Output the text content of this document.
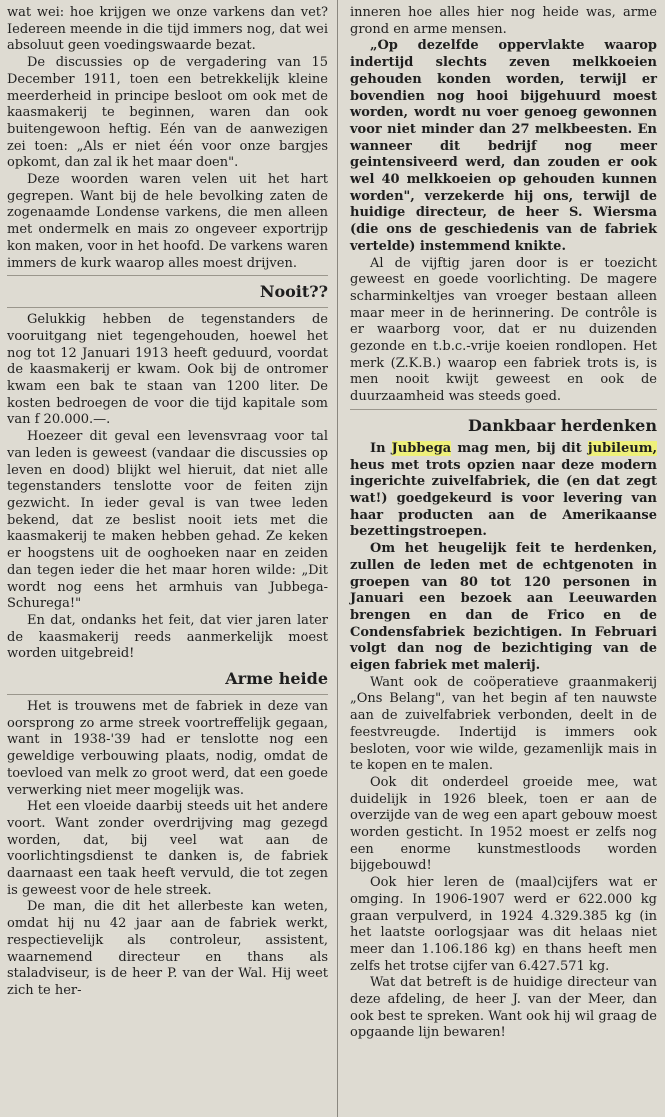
wat wei: hoe krijgen we onze varkens dan vet? Iedereen meende in die tijd immers nog, dat wei absoluut geen voedingswaarde bezat.

De discussies op de vergadering van 15 December 1911, toen een betrekkelijk kleine meerderheid in principe besloot om ook met de kaasmakerij te beginnen, waren dan ook buitengewoon heftig. Eén van de aanwezigen zei toen: „Als er niet één voor onze bargjes opkomt, dan zal ik het maar doen".

Deze woorden waren velen uit het hart gegrepen. Want bij de hele bevolking zaten de zogenaamde Londense varkens, die men alleen met ondermelk en mais zo ongeveer exportrijp kon maken, voor in het hoofd. De varkens waren immers de kurk waarop alles moest drijven.

Nooit??

Gelukkig hebben de tegenstanders de vooruitgang niet tegengehouden, hoewel het nog tot 12 Januari 1913 heeft geduurd, voordat de kaasmakerij er kwam. Ook bij de ontromer kwam een bak te staan van 1200 liter. De kosten bedroegen de voor die tijd kapitale som van f 20.000.—.

Hoezeer dit geval een levensvraag voor tal van leden is geweest (vandaar die discussies op leven en dood) blijkt wel hieruit, dat niet alle tegenstanders tenslotte voor de feiten zijn gezwicht. In ieder geval is van twee leden bekend, dat ze beslist nooit iets met die kaasmakerij te maken hebben gehad. Ze keken er hoogstens uit de ooghoeken naar en zeiden dan tegen ieder die het maar horen wilde: „Dit wordt nog eens het armhuis van Jubbega-Schurega!"

En dat, ondanks het feit, dat vier jaren later de kaasmakerij reeds aanmerkelijk moest worden uitgebreid!

Arme heide

Het is trouwens met de fabriek in deze van oorsprong zo arme streek voortreffelijk gegaan, want in 1938-'39 had er tenslotte nog een geweldige verbouwing plaats, nodig, omdat de toevloed van melk zo groot werd, dat een goede verwerking niet meer mogelijk was.

Het een vloeide daarbij steeds uit het andere voort. Want zonder overdrijving mag gezegd worden, dat, bij veel wat aan de voorlichtingsdienst te danken is, de fabriek daarnaast een taak heeft vervuld, die tot zegen is geweest voor de hele streek.

De man, die dit het allerbeste kan weten, omdat hij nu 42 jaar aan de fabriek werkt, respectievelijk als controleur, assistent, waarnemend directeur en thans als staladviseur, is de heer P. van der Wal. Hij weet zich te her-

inneren hoe alles hier nog heide was, arme grond en arme mensen.

„Op dezelfde oppervlakte waarop indertijd slechts zeven melkkoeien gehouden konden worden, terwijl er bovendien nog hooi bijgehuurd moest worden, wordt nu voer genoeg gewonnen voor niet minder dan 27 melkbeesten. En wanneer dit bedrijf nog meer geintensiveerd werd, dan zouden er ook wel 40 melkkoeien op gehouden kunnen worden", verzekerde hij ons, terwijl de huidige directeur, de heer S. Wiersma (die ons de geschiedenis van de fabriek vertelde) instemmend knikte.

Al de vijftig jaren door is er toezicht geweest en goede voorlichting. De magere scharminkeltjes van vroeger bestaan alleen maar meer in de herinnering. De contrôle is er waarborg voor, dat er nu duizenden gezonde en t.b.c.-vrije koeien rondlopen. Het merk (Z.K.B.) waarop een fabriek trots is, is men nooit kwijt geweest en ook de duurzaamheid was steeds goed.

Dankbaar herdenken

In Jubbega mag men, bij dit jubileum, heus met trots opzien naar deze modern ingerichte zuivelfabriek, die (en dat zegt wat!) goedgekeurd is voor levering van haar producten aan de Amerikaanse bezettingstroepen.

Om het heugelijk feit te herdenken, zullen de leden met de echtgenoten in groepen van 80 tot 120 personen in Januari een bezoek aan Leeuwarden brengen en dan de Frico en de Condensfabriek bezichtigen. In Februari volgt dan nog de bezichtiging van de eigen fabriek met malerij.

Want ook de coöperatieve graanmakerij „Ons Belang", van het begin af ten nauwste aan de zuivelfabriek verbonden, deelt in de feestvreugde. Indertijd is immers ook besloten, voor wie wilde, gezamenlijk mais in te kopen en te malen.

Ook dit onderdeel groeide mee, wat duidelijk in 1926 bleek, toen er aan de overzijde van de weg een apart gebouw moest worden gesticht. In 1952 moest er zelfs nog een enorme kunstmestloods worden bijgebouwd!

Ook hier leren de (maal)cijfers wat er omging. In 1906-1907 werd er 622.000 kg graan verpulverd, in 1924 4.329.385 kg (in het laatste oorlogsjaar was dit helaas niet meer dan 1.106.186 kg) en thans heeft men zelfs het trotse cijfer van 6.427.571 kg.

Wat dat betreft is de huidige directeur van deze afdeling, de heer J. van der Meer, dan ook best te spreken. Want ook hij wil graag de opgaande lijn bewaren!
